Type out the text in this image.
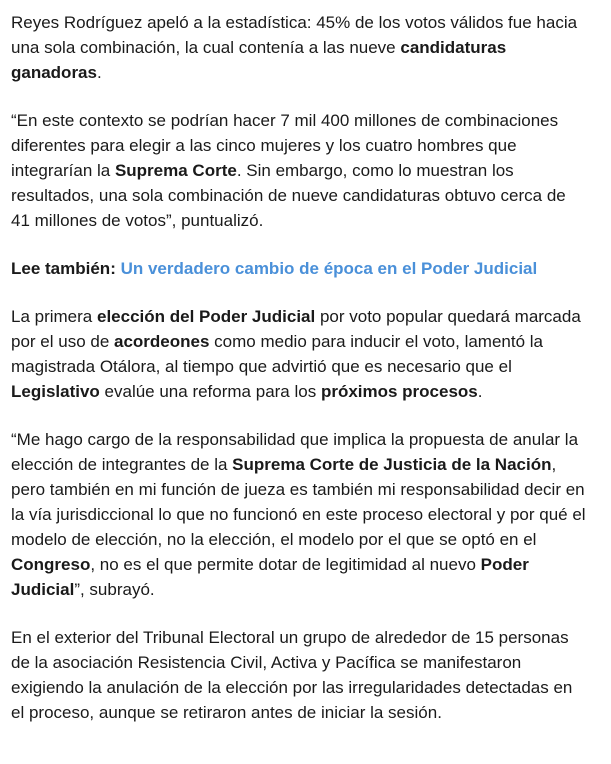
Reyes Rodríguez apeló a la estadística: 45% de los votos válidos fue hacia una sola combinación, la cual contenía a las nueve candidaturas ganadoras.

“En este contexto se podrían hacer 7 mil 400 millones de combinaciones diferentes para elegir a las cinco mujeres y los cuatro hombres que integrarían la Suprema Corte. Sin embargo, como lo muestran los resultados, una sola combinación de nueve candidaturas obtuvo cerca de 41 millones de votos”, puntualizó.

Lee también: Un verdadero cambio de época en el Poder Judicial

La primera elección del Poder Judicial por voto popular quedará marcada por el uso de acordeones como medio para inducir el voto, lamentó la magistrada Otálora, al tiempo que advirtió que es necesario que el Legislativo evalúe una reforma para los próximos procesos.

“Me hago cargo de la responsabilidad que implica la propuesta de anular la elección de integrantes de la Suprema Corte de Justicia de la Nación, pero también en mi función de jueza es también mi responsabilidad decir en la vía jurisdiccional lo que no funcionó en este proceso electoral y por qué el modelo de elección, no la elección, el modelo por el que se optó en el Congreso, no es el que permite dotar de legitimidad al nuevo Poder Judicial”, subrayó.

En el exterior del Tribunal Electoral un grupo de alrededor de 15 personas de la asociación Resistencia Civil, Activa y Pacífica se manifestaron exigiendo la anulación de la elección por las irregularidades detectadas en el proceso, aunque se retiraron antes de iniciar la sesión.
